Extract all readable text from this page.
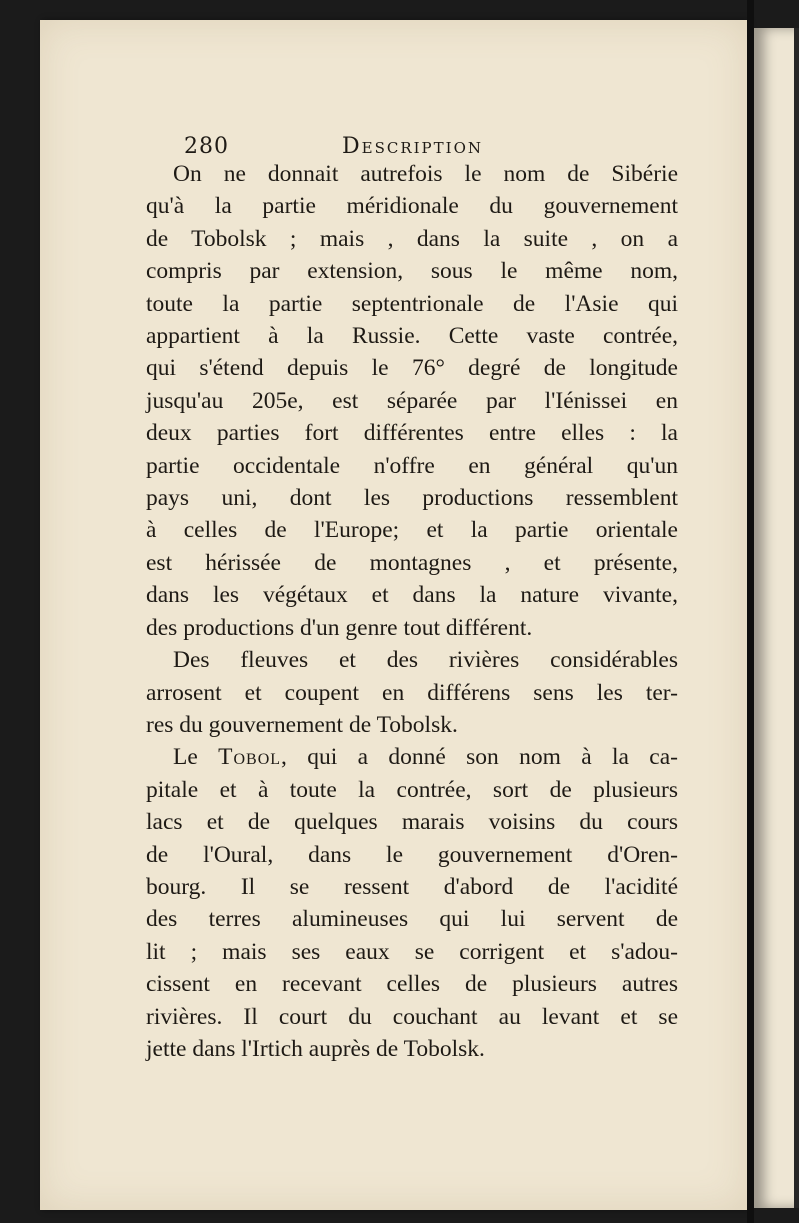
280	Description

On ne donnait autrefois le nom de Sibérie
qu'à la partie méridionale du gouvernement
de Tobolsk ; mais , dans la suite , on a
compris par extension, sous le même nom,
toute la partie septentrionale de l'Asie qui
appartient à la Russie. Cette vaste contrée,
qui s'étend depuis le 76° degré de longitude
jusqu'au 205e, est séparée par l'Iénissei en
deux parties fort différentes entre elles : la
partie occidentale n'offre en général qu'un
pays uni, dont les productions ressemblent
à celles de l'Europe; et la partie orientale
est hérissée de montagnes , et présente,
dans les végétaux et dans la nature vivante,
des productions d'un genre tout différent.

Des fleuves et des rivières considérables
arrosent et coupent en différens sens les ter-
res du gouvernement de Tobolsk.

Le Tobol, qui a donné son nom à la ca-
pitale et à toute la contrée, sort de plusieurs
lacs et de quelques marais voisins du cours
de l'Oural, dans le gouvernement d'Oren-
bourg. Il se ressent d'abord de l'acidité
des terres alumineuses qui lui servent de
lit ; mais ses eaux se corrigent et s'adou-
cissent en recevant celles de plusieurs autres
rivières. Il court du couchant au levant et se
jette dans l'Irtich auprès de Tobolsk.
